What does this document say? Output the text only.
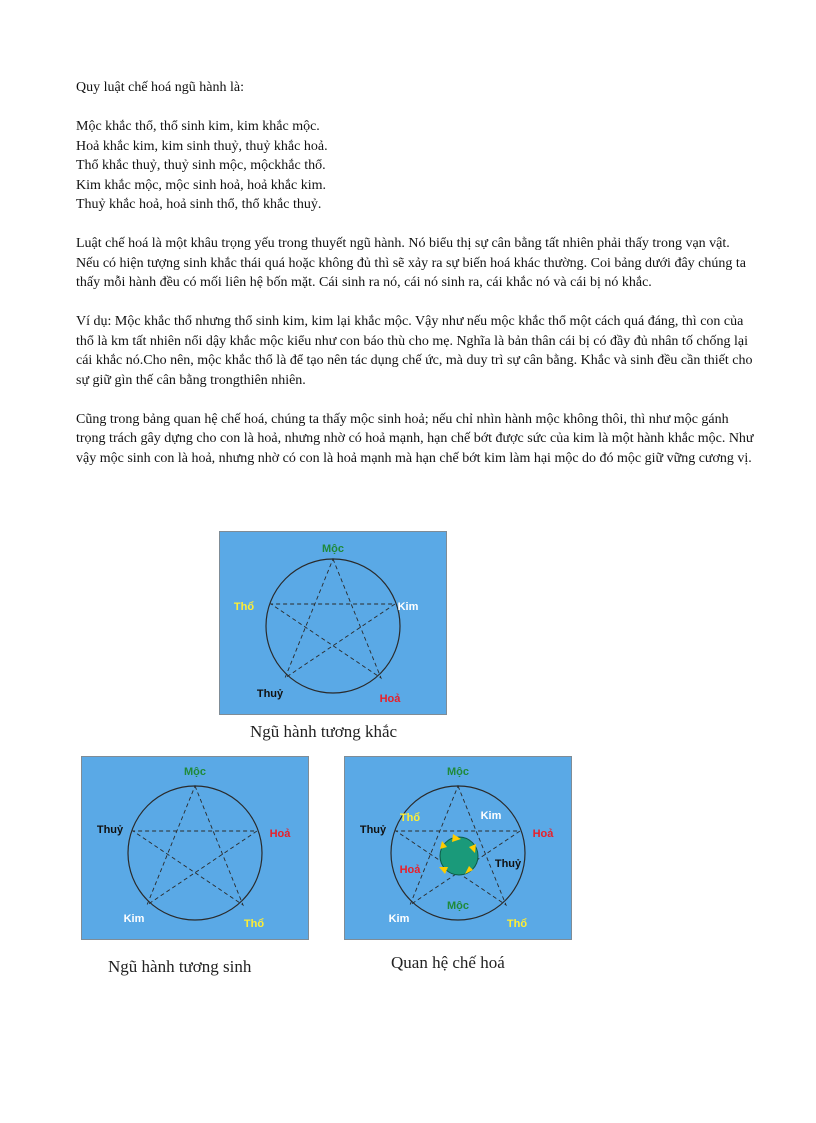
Quy luật chế hoá ngũ hành là:
Mộc khắc thổ, thổ sinh kim, kim khắc mộc.
Hoả khắc kim, kim sinh thuỷ, thuỷ khắc hoả.
Thổ khắc thuỷ, thuỷ sinh mộc, mộckhắc thổ.
Kim khắc mộc, mộc sinh hoả, hoả khắc kim.
Thuỷ khắc hoả, hoả sinh thổ, thổ khắc thuỷ.
Luật chế hoá là một khâu trọng yếu trong thuyết ngũ hành. Nó biểu thị sự cân bằng tất nhiên phải thấy trong vạn vật. Nếu có hiện tượng sinh khắc thái quá hoặc không đủ thì sẽ xảy ra sự biến hoá khác thường. Coi bảng dưới đây chúng ta thấy mỗi hành đều có mối liên hệ bốn mặt. Cái sinh ra nó, cái nó sinh ra, cái khắc nó và cái bị nó khắc.
Ví dụ: Mộc khắc thổ nhưng thổ sinh kim, kim lại khắc mộc. Vậy như nếu mộc khắc thổ một cách quá đáng, thì con của thổ là km tất nhiên nổi dậy khắc mộc kiểu như con báo thù cho mẹ. Nghĩa là bản thân cái bị có đầy đủ nhân tố chống lại cái khắc nó.Cho nên, mộc khắc thổ là để tạo nên tác dụng chế ức, mà duy trì sự cân bằng. Khắc và sinh đều cần thiết cho sự giữ gìn thế cân bằng trongthiên nhiên.
Cũng trong bảng quan hệ chế hoá, chúng ta thấy mộc sinh hoả; nếu chỉ nhìn hành mộc không thôi, thì như mộc gánh trọng trách gây dựng cho con là hoả, nhưng nhờ có hoả mạnh, hạn chế bớt được sức của kim là một hành khắc mộc. Như vậy mộc sinh con là hoả, nhưng nhờ có con là hoả mạnh mà hạn chế bớt kim làm hại mộc do đó mộc giữ vững cương vị.
Mộc
Kim
Hoả
Thuỷ
Thổ
Ngũ hành tương khắc
Mộc
Hoả
Thổ
Kim
Thuỷ
Ngũ hành tương sinh
Mộc
Hoả
Thổ
Kim
Thuỷ
Thổ	Kim
Thuỷ
Mộc
Hoả
Quan hệ chế hoá
